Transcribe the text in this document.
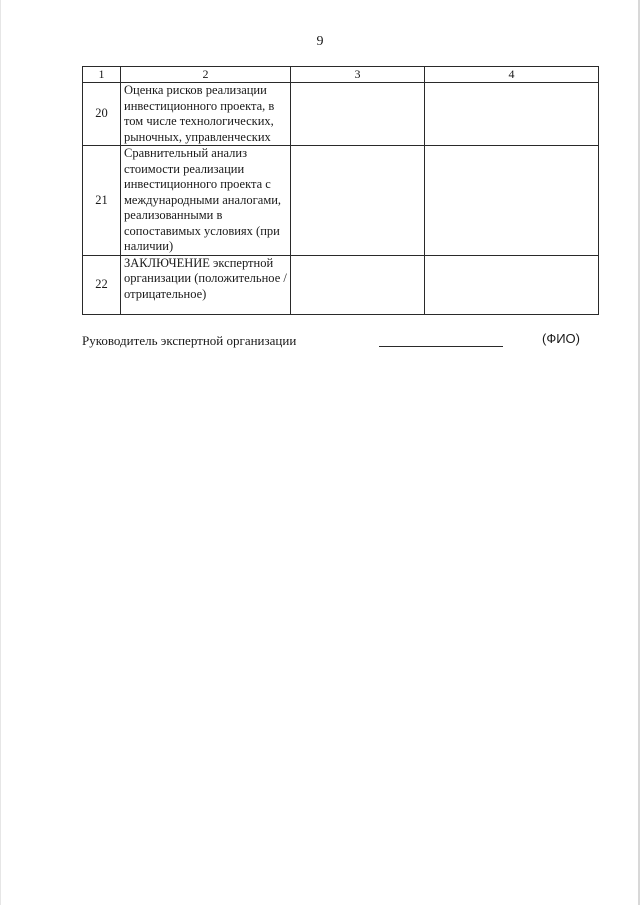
9
1	2	3	4
20	Оценка рисков реализации инвестиционного проекта, в том числе технологических, рыночных, управленческих		
21	Сравнительный анализ стоимости реализации инвестиционного проекта с международными аналогами, реализованными в сопоставимых условиях (при наличии)		
22	ЗАКЛЮЧЕНИЕ экспертной организации (положительное / отрицательное)		
Руководитель экспертной организации	(ФИО)
